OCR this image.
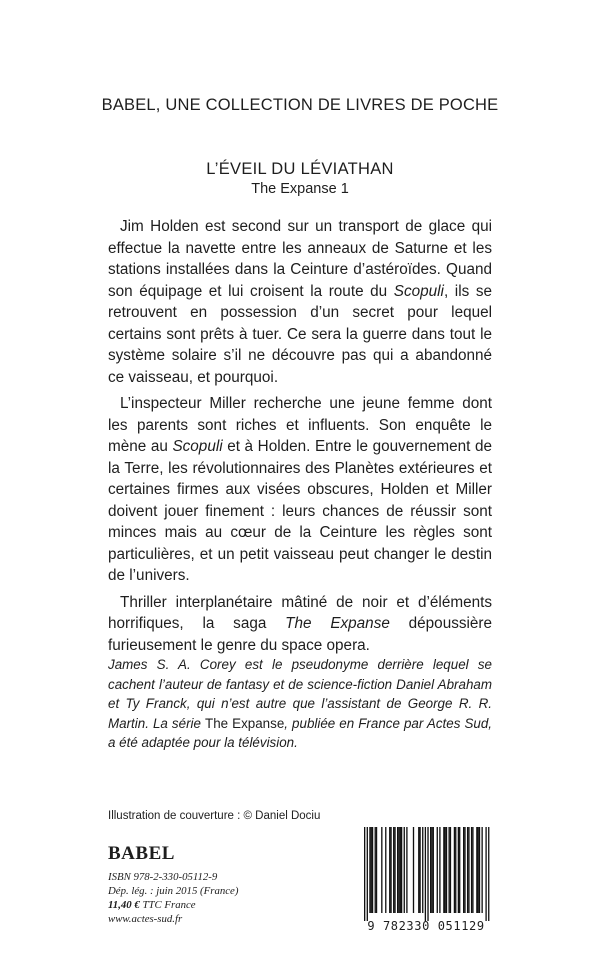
BABEL, UNE COLLECTION DE LIVRES DE POCHE
L’ÉVEIL DU LÉVIATHAN
The Expanse 1

Jim Holden est second sur un transport de glace qui effectue la navette entre les anneaux de Saturne et les stations installées dans la Ceinture d’astéroïdes. Quand son équipage et lui croisent la route du Scopuli, ils se retrouvent en possession d’un secret pour lequel certains sont prêts à tuer. Ce sera la guerre dans tout le système solaire s’il ne découvre pas qui a abandonné ce vaisseau, et pourquoi.

L’inspecteur Miller recherche une jeune femme dont les parents sont riches et influents. Son enquête le mène au Scopuli et à Holden. Entre le gouvernement de la Terre, les révolutionnaires des Planètes extérieures et certaines firmes aux visées obscures, Holden et Miller doivent jouer finement : leurs chances de réussir sont minces mais au cœur de la Ceinture les règles sont particulières, et un petit vaisseau peut changer le destin de l’univers.

Thriller interplanétaire mâtiné de noir et d’éléments horrifiques, la saga The Expanse dépoussière furieusement le genre du space opera.

James S. A. Corey est le pseudonyme derrière lequel se cachent l’auteur de fantasy et de science-fiction Daniel Abraham et Ty Franck, qui n’est autre que l’assistant de George R. R. Martin. La série The Expanse, publiée en France par Actes Sud, a été adaptée pour la télévision.
Illustration de couverture : © Daniel Dociu
BABEL
ISBN 978-2-330-05112-9
Dép. lég. : juin 2015 (France)
11,40 € TTC France
www.actes-sud.fr	9 782330 051129
